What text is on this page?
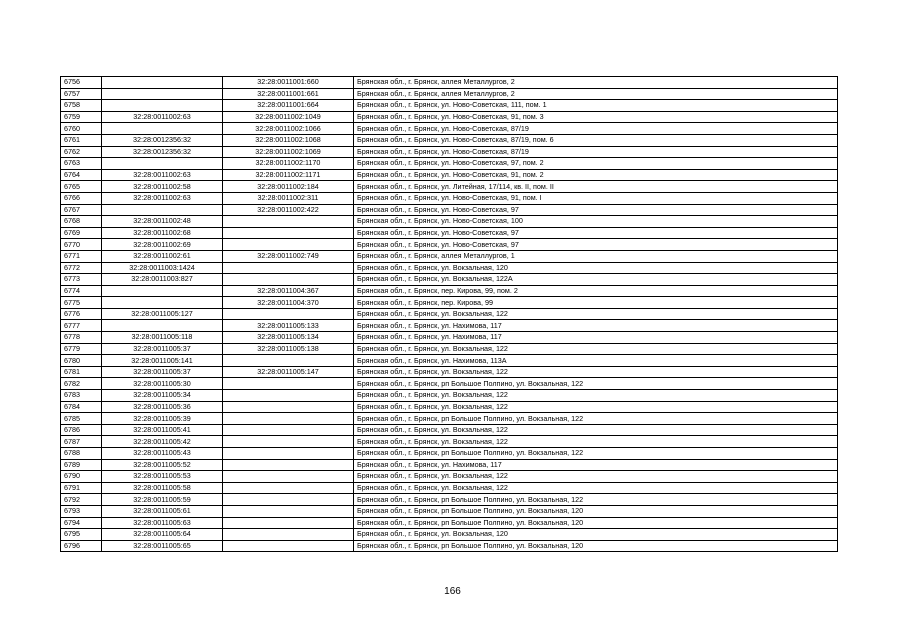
6756		32:28:0011001:660	Брянская обл., г. Брянск, аллея Металлургов, 2
6757		32:28:0011001:661	Брянская обл., г. Брянск, аллея Металлургов, 2
6758		32:28:0011001:664	Брянская обл., г. Брянск, ул. Ново-Советская, 111, пом. 1
6759	32:28:0011002:63	32:28:0011002:1049	Брянская обл., г. Брянск, ул. Ново-Советская, 91, пом. 3
6760		32:28:0011002:1066	Брянская обл., г. Брянск, ул. Ново-Советская, 87/19
6761	32:28:0012356:32	32:28:0011002:1068	Брянская обл., г. Брянск, ул. Ново-Советская, 87/19, пом. 6
6762	32:28:0012356:32	32:28:0011002:1069	Брянская обл., г. Брянск, ул. Ново-Советская, 87/19
6763		32:28:0011002:1170	Брянская обл., г. Брянск, ул. Ново-Советская, 97, пом. 2
6764	32:28:0011002:63	32:28:0011002:1171	Брянская обл., г. Брянск, ул. Ново-Советская, 91, пом. 2
6765	32:28:0011002:58	32:28:0011002:184	Брянская обл., г. Брянск, ул. Литейная, 17/114, кв. II, пом. II
6766	32:28:0011002:63	32:28:0011002:311	Брянская обл., г. Брянск, ул. Ново-Советская, 91, пом. I
6767		32:28:0011002:422	Брянская обл., г. Брянск, ул. Ново-Советская, 97
6768	32:28:0011002:48		Брянская обл., г. Брянск, ул. Ново-Советская, 100
6769	32:28:0011002:68		Брянская обл., г. Брянск, ул. Ново-Советская, 97
6770	32:28:0011002:69		Брянская обл., г. Брянск, ул. Ново-Советская, 97
6771	32:28:0011002:61	32:28:0011002:749	Брянская обл., г. Брянск, аллея Металлургов, 1
6772	32:28:0011003:1424		Брянская обл., г. Брянск, ул. Вокзальная, 120
6773	32:28:0011003:827		Брянская обл., г. Брянск, ул. Вокзальная, 122А
6774		32:28:0011004:367	Брянская обл., г. Брянск, пер. Кирова, 99, пом. 2
6775		32:28:0011004:370	Брянская обл., г. Брянск, пер. Кирова, 99
6776	32:28:0011005:127		Брянская обл., г. Брянск, ул. Вокзальная, 122
6777		32:28:0011005:133	Брянская обл., г. Брянск, ул. Нахимова, 117
6778	32:28:0011005:118	32:28:0011005:134	Брянская обл., г. Брянск, ул. Нахимова, 117
6779	32:28:0011005:37	32:28:0011005:138	Брянская обл., г. Брянск, ул. Вокзальная, 122
6780	32:28:0011005:141		Брянская обл., г. Брянск, ул. Нахимова, 113А
6781	32:28:0011005:37	32:28:0011005:147	Брянская обл., г. Брянск, ул. Вокзальная, 122
6782	32:28:0011005:30		Брянская обл., г. Брянск, рп Большое Полпино, ул. Вокзальная, 122
6783	32:28:0011005:34		Брянская обл., г. Брянск, ул. Вокзальная, 122
6784	32:28:0011005:36		Брянская обл., г. Брянск, ул. Вокзальная, 122
6785	32:28:0011005:39		Брянская обл., г. Брянск, рп Большое Полпино, ул. Вокзальная, 122
6786	32:28:0011005:41		Брянская обл., г. Брянск, ул. Вокзальная, 122
6787	32:28:0011005:42		Брянская обл., г. Брянск, ул. Вокзальная, 122
6788	32:28:0011005:43		Брянская обл., г. Брянск, рп Большое Полпино, ул. Вокзальная, 122
6789	32:28:0011005:52		Брянская обл., г. Брянск, ул. Нахимова, 117
6790	32:28:0011005:53		Брянская обл., г. Брянск, ул. Вокзальная, 122
6791	32:28:0011005:58		Брянская обл., г. Брянск, ул. Вокзальная, 122
6792	32:28:0011005:59		Брянская обл., г. Брянск, рп Большое Полпино, ул. Вокзальная, 122
6793	32:28:0011005:61		Брянская обл., г. Брянск, рп Большое Полпино, ул. Вокзальная, 120
6794	32:28:0011005:63		Брянская обл., г. Брянск, рп Большое Полпино, ул. Вокзальная, 120
6795	32:28:0011005:64		Брянская обл., г. Брянск, ул. Вокзальная, 120
6796	32:28:0011005:65		Брянская обл., г. Брянск, рп Большое Полпино, ул. Вокзальная, 120
166
